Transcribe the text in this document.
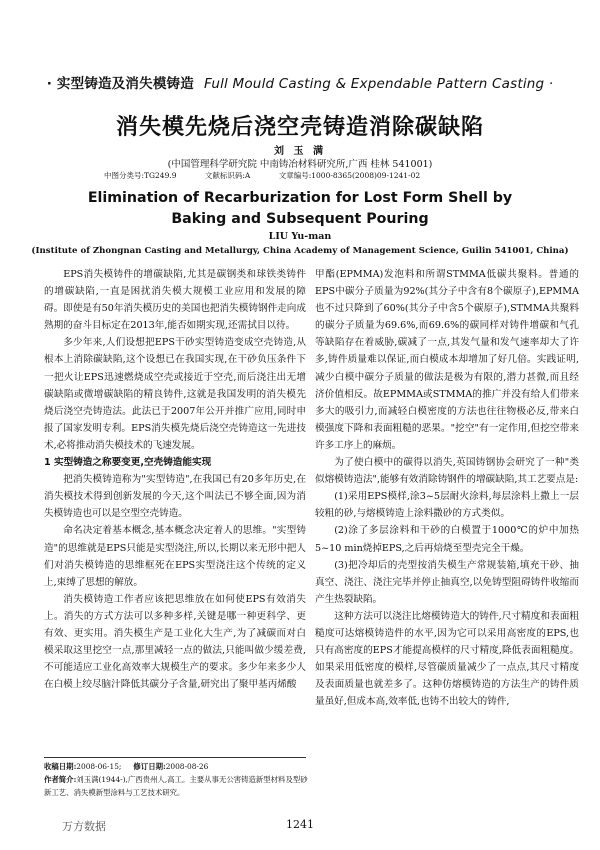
· 实型铸造及消失模铸造 Full Mould Casting & Expendable Pattern Casting ·
消失模先烧后浇空壳铸造消除碳缺陷
刘 玉 满
(中国管理科学研究院 中南铸冶材料研究所,广西 桂林 541001)
中图分类号:TG249.9	文献标识码:A	文章编号:1000-8365(2008)09-1241-02
Elimination of Recarburization for Lost Form Shell by
Baking and Subsequent Pouring
LIU Yu-man
(Institute of Zhongnan Casting and Metallurgy, China Academy of Management Science, Guilin 541001, China)

EPS消失模铸件的增碳缺陷,尤其是碳钢类和球铁类铸件的增碳缺陷,一直是困扰消失模大规模工业应用和发展的障碍。即使是有50年消失模历史的美国也把消失模铸钢件走向成熟期的奋斗目标定在2013年,能否如期实现,还需拭目以待。

多少年来,人们设想把EPS干砂实型铸造变成空壳铸造,从根本上消除碳缺陷,这个设想已在我国实现,在干砂负压条件下一把火让EPS迅速燃烧成空壳或接近于空壳,而后浇注出无增碳缺陷或微增碳缺陷的精良铸件,这就是我国发明的消失模先烧后浇空壳铸造法。此法已于2007年公开并推广应用,同时申报了国家发明专利。EPS消失模先烧后浇空壳铸造这一先进技术,必将推动消失模技术的飞速发展。

1 实型铸造之称要变更,空壳铸造能实现

把消失模铸造称为"实型铸造",在我国已有20多年历史,在消失模技术得到创新发展的今天,这个叫法已不够全面,因为消失模铸造也可以是空型空壳铸造。

命名决定着基本概念,基本概念决定着人的思维。"实型铸造"的思维就是EPS只能是实型浇注,所以,长期以来无形中把人们对消失模铸造的思维框死在EPS实型浇注这个传统的定义上,束缚了思想的解放。

消失模铸造工作者应该把思维放在如何使EPS有效消失上。消失的方式方法可以多种多样,关键是哪一种更科学、更有效、更实用。消失模生产是工业化大生产,为了减碳而对白模采取这里挖空一点,那里减轻一点的做法,只能叫做少缓差费,不可能适应工业化高效率大规模生产的要求。多少年来多少人在白模上绞尽脑汁降低其碳分子含量,研究出了聚甲基丙烯酸

甲酯(EPMMA)发泡料和所谓STMMA低碳共聚料。普通的EPS中碳分子质量为92%(其分子中含有8个碳原子),EPMMA也不过只降到了60%(其分子中含5个碳原子),STMMA共聚料的碳分子质量为69.6%,而69.6%的碳同样对铸件增碳和气孔等缺陷存在着威胁,碳减了一点,其发气量和发气速率却大了许多,铸件质量难以保证,而白模成本却增加了好几倍。实践证明,减少白模中碳分子质量的做法是极为有限的,潜力甚微,而且经济价值相反。故EPMMA或STMMA的推广并没有给人们带来多大的吸引力,而减轻白模密度的方法也往往物极必反,带来白模强度下降和表面粗糙的恶果。"挖空"有一定作用,但挖空带来许多工序上的麻烦。

为了使白模中的碳得以消失,英国铸钢协会研究了一种"类似熔模铸造法",能够有效消除铸钢件的增碳缺陷,其工艺要点是:

(1)采用EPS模样,涂3~5层耐火涂料,每层涂料上撒上一层较粗的砂,与熔模铸造上涂料撒砂的方式类似。

(2)涂了多层涂料和干砂的白模置于1000℃的炉中加热5~10 min烧掉EPS,之后再焙烧至型壳完全干燥。

(3)把冷却后的壳型按消失模生产常规装箱,填充干砂、抽真空、浇注、浇注完毕并停止抽真空,以免铸型阻碍铸件收缩而产生热裂缺陷。

这种方法可以浇注比熔模铸造大的铸件,尺寸精度和表面粗糙度可达熔模铸造件的水平,因为它可以采用高密度的EPS,也只有高密度的EPS才能提高模样的尺寸精度,降低表面粗糙度。如果采用低密度的模样,尽管碳质量减少了一点点,其尺寸精度及表面质量也就差多了。这种仿熔模铸造的方法生产的铸件质量虽好,但成本高,效率低,也铸不出较大的铸件,

收稿日期:2008-06-15; 修订日期:2008-08-26
作者简介:刘玉满(1944-),广西贵州人,高工。主要从事无公害铸造新型材料及型砂新工艺、消失模新型涂料与工艺技术研究。
万方数据	1241
